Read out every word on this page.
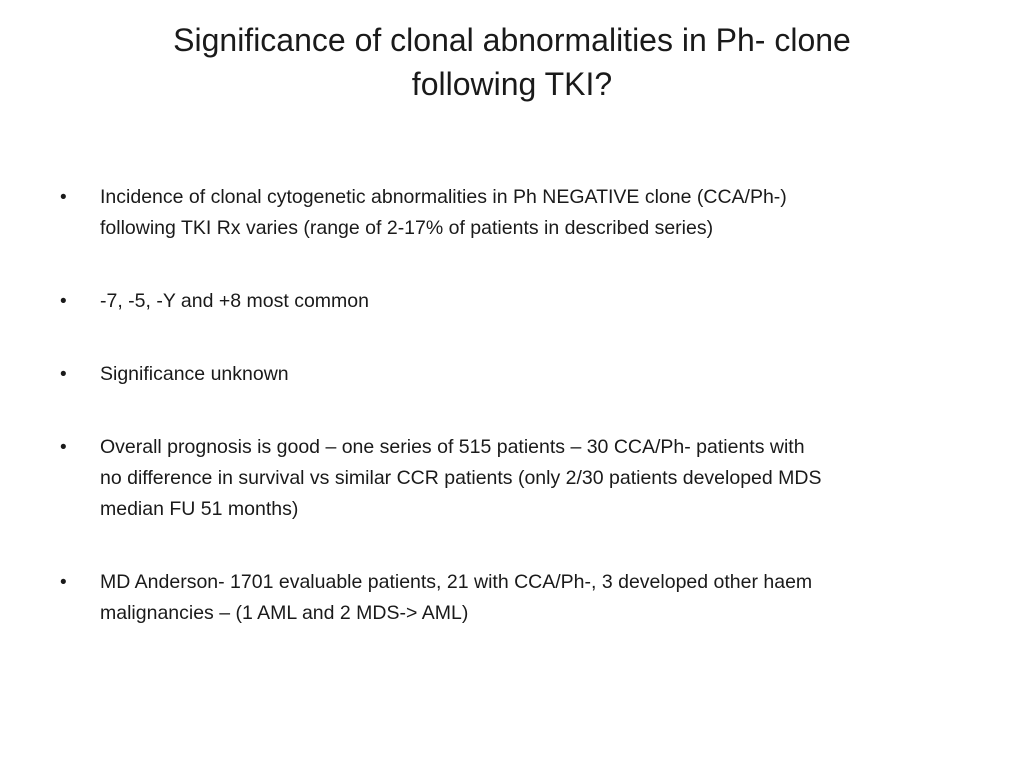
Significance of clonal abnormalities in Ph- clone
following TKI?
• Incidence of clonal cytogenetic abnormalities in Ph NEGATIVE clone (CCA/Ph-)
following TKI Rx varies (range of 2-17% of patients in described series)
• -7, -5, -Y and +8 most common
• Significance unknown
• Overall prognosis is good – one series of 515 patients – 30 CCA/Ph- patients with
no difference in survival vs similar CCR patients (only 2/30 patients developed MDS
median FU 51 months)
• MD Anderson- 1701 evaluable patients, 21 with CCA/Ph-, 3 developed other haem
malignancies – (1 AML and 2 MDS-> AML)
